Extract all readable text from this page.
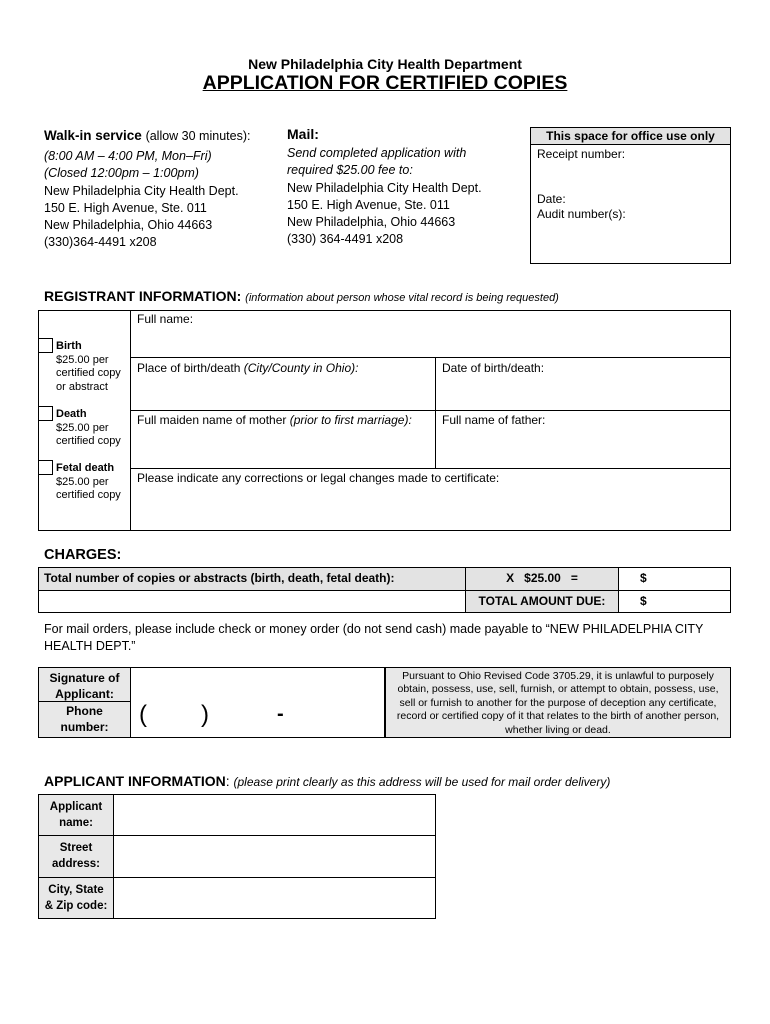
New Philadelphia City Health Department
APPLICATION FOR CERTIFIED COPIES
Walk-in service (allow 30 minutes):
(8:00 AM – 4:00 PM, Mon–Fri)
(Closed 12:00pm – 1:00pm)
New Philadelphia City Health Dept.
150 E. High Avenue, Ste. 011
New Philadelphia, Ohio 44663
(330)364-4491 x208
Mail:
Send completed application with
required $25.00 fee to:
New Philadelphia City Health Dept.
150 E. High Avenue, Ste. 011
New Philadelphia, Ohio 44663
(330) 364-4491 x208
This space for office use only
Receipt number:
Date:
Audit number(s):
REGISTRANT INFORMATION: (information about person whose vital record is being requested)
Full name:
Place of birth/death (City/County in Ohio):	Date of birth/death:
Full maiden name of mother (prior to first marriage):	Full name of father:
Please indicate any corrections or legal changes made to certificate:
Birth
$25.00 per
certified copy
or abstract
Death
$25.00 per
certified copy
Fetal death
$25.00 per
certified copy
CHARGES:
Total number of copies or abstracts (birth, death, fetal death):	X   $25.00   =	$
TOTAL AMOUNT DUE:	$
For mail orders, please include check or money order (do not send cash) made payable to “NEW PHILADELPHIA CITY HEALTH DEPT.”
Signature of
Applicant:
Phone
number:	( )	-
Pursuant to Ohio Revised Code 3705.29, it is unlawful to purposely obtain, possess, use, sell, furnish, or attempt to obtain, possess, use, sell or furnish to another for the purpose of deception any certificate, record or certified copy of it that relates to the birth of another person, whether living or dead.
APPLICANT INFORMATION: (please print clearly as this address will be used for mail order delivery)
Applicant
name:
Street
address:
City, State
& Zip code:
